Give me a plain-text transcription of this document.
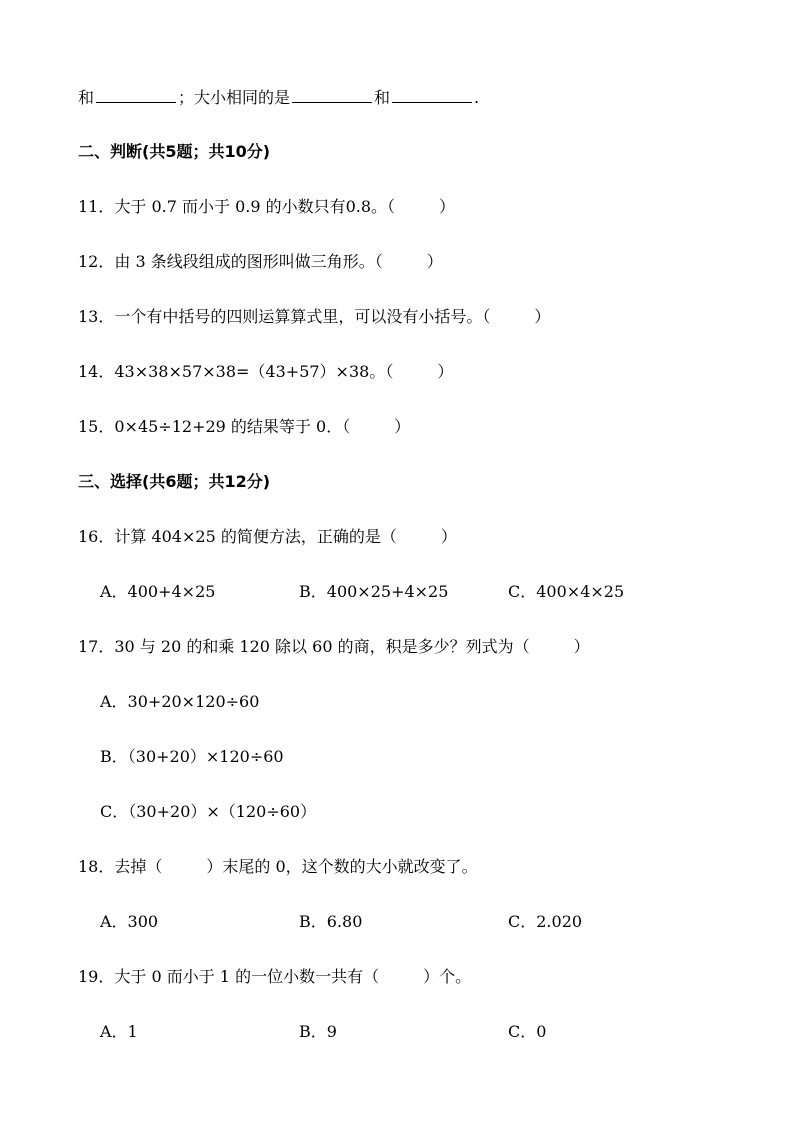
和	；大小相同的是	和	.
二、判断(共5题；共10分)
11．大于 0.7 而小于 0.9 的小数只有0.8。（	）
12．由 3 条线段组成的图形叫做三角形。（	）
13．一个有中括号的四则运算算式里，可以没有小括号。（	）
14．43×38×57×38=（43+57）×38。（	）
15．0×45÷12+29 的结果等于 0．（	）
三、选择(共6题；共12分)
16．计算 404×25 的简便方法，正确的是（	）
A．400+4×25	B．400×25+4×25	C．400×4×25
17．30 与 20 的和乘 120 除以 60 的商，积是多少？列式为（	）
A．30+20×120÷60
B．（30+20）×120÷60
C．（30+20）×（120÷60）
18．去掉（	）末尾的 0，这个数的大小就改变了。
A．300	B．6.80	C．2.020
19．大于 0 而小于 1 的一位小数一共有（	）个。
A．1	B．9	C．0
